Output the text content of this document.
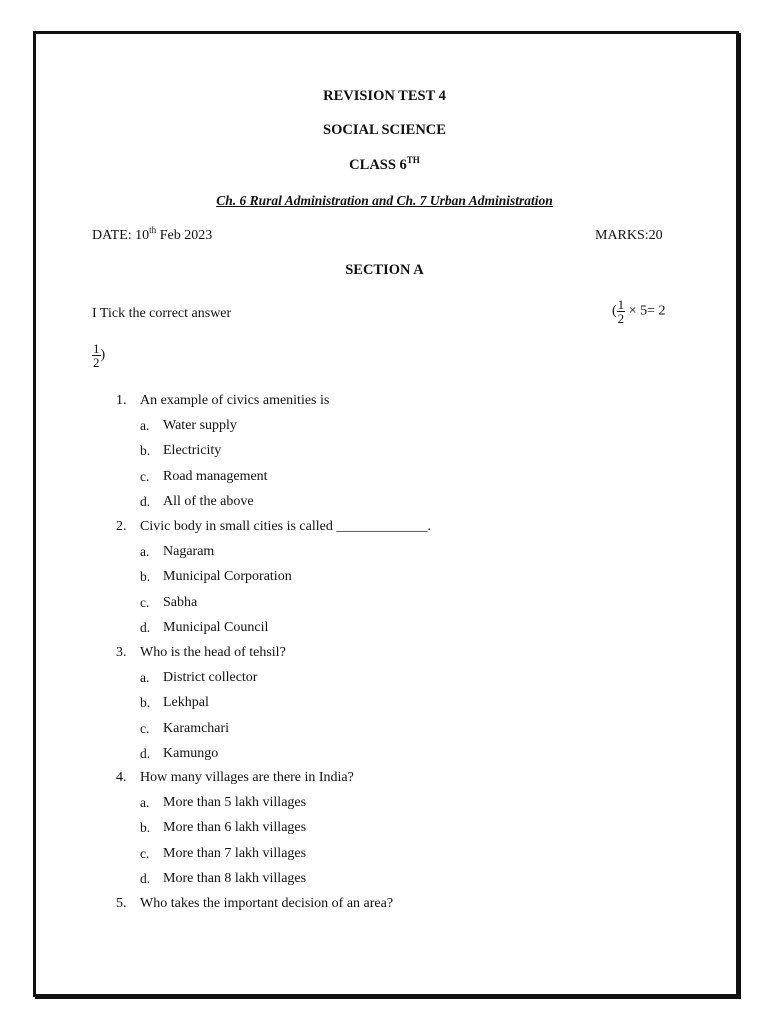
REVISION TEST 4
SOCIAL SCIENCE
CLASS 6TH
Ch. 6 Rural Administration and Ch. 7 Urban Administration
DATE: 10th Feb 2023	MARKS:20
SECTION A
I Tick the correct answer	( $\frac{1}{2} \times 5= 2$
$\frac{1}{2}$ )
1. An example of civics amenities is
a. Water supply
b. Electricity
c. Road management
d. All of the above
2. Civic body in small cities is called _____________.
a. Nagaram
b. Municipal Corporation
c. Sabha
d. Municipal Council
3. Who is the head of tehsil?
a. District collector
b. Lekhpal
c. Karamchari
d. Kamungo
4. How many villages are there in India?
a. More than 5 lakh villages
b. More than 6 lakh villages
c. More than 7 lakh villages
d. More than 8 lakh villages
5. Who takes the important decision of an area?
